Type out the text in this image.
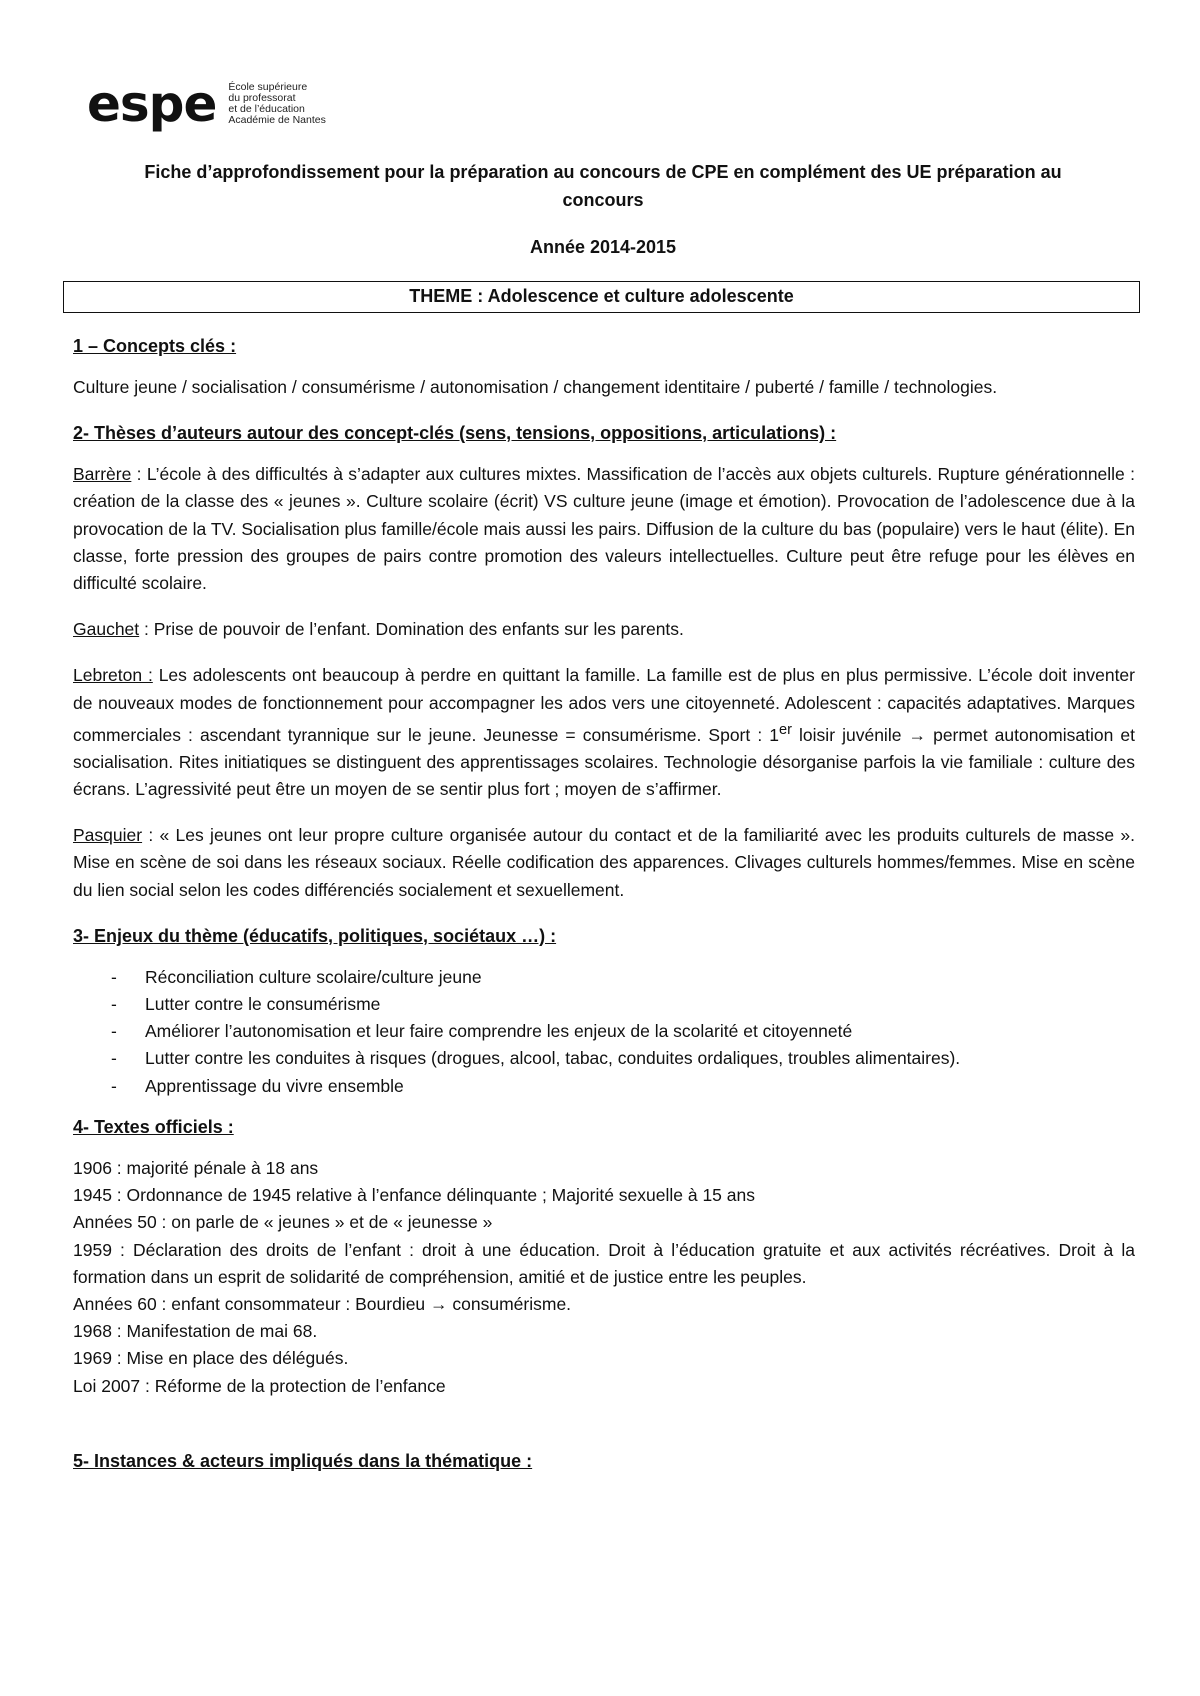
espe École supérieure
du professorat
et de l’éducation
Académie de Nantes
Fiche d’approfondissement pour la préparation au concours de CPE en complément des UE préparation au concours
Année 2014-2015
THEME : Adolescence et culture adolescente
1 – Concepts clés :
Culture jeune / socialisation / consumérisme / autonomisation / changement identitaire / puberté / famille / technologies.
2- Thèses d’auteurs autour des concept-clés (sens, tensions, oppositions, articulations) :
Barrère : L’école à des difficultés à s’adapter aux cultures mixtes. Massification de l’accès aux objets culturels. Rupture générationnelle : création de la classe des « jeunes ». Culture scolaire (écrit) VS culture jeune (image et émotion). Provocation de l’adolescence due à la provocation de la TV. Socialisation plus famille/école mais aussi les pairs. Diffusion de la culture du bas (populaire) vers le haut (élite). En classe, forte pression des groupes de pairs contre promotion des valeurs intellectuelles. Culture peut être refuge pour les élèves en difficulté scolaire.
Gauchet : Prise de pouvoir de l’enfant. Domination des enfants sur les parents.
Lebreton : Les adolescents ont beaucoup à perdre en quittant la famille. La famille est de plus en plus permissive. L’école doit inventer de nouveaux modes de fonctionnement pour accompagner les ados vers une citoyenneté. Adolescent : capacités adaptatives. Marques commerciales : ascendant tyrannique sur le jeune. Jeunesse = consumérisme. Sport : 1er loisir juvénile → permet autonomisation et socialisation. Rites initiatiques se distinguent des apprentissages scolaires. Technologie désorganise parfois la vie familiale : culture des écrans. L’agressivité peut être un moyen de se sentir plus fort ; moyen de s’affirmer.
Pasquier : « Les jeunes ont leur propre culture organisée autour du contact et de la familiarité avec les produits culturels de masse ». Mise en scène de soi dans les réseaux sociaux. Réelle codification des apparences. Clivages culturels hommes/femmes. Mise en scène du lien social selon les codes différenciés socialement et sexuellement.
3- Enjeux du thème (éducatifs, politiques, sociétaux …) :
- Réconciliation culture scolaire/culture jeune
- Lutter contre le consumérisme
- Améliorer l’autonomisation et leur faire comprendre les enjeux de la scolarité et citoyenneté
- Lutter contre les conduites à risques (drogues, alcool, tabac, conduites ordaliques, troubles alimentaires).
- Apprentissage du vivre ensemble
4- Textes officiels :
1906 : majorité pénale à 18 ans
1945 : Ordonnance de 1945 relative à l’enfance délinquante ; Majorité sexuelle à 15 ans
Années 50 : on parle de « jeunes » et de « jeunesse »
1959 : Déclaration des droits de l’enfant : droit à une éducation. Droit à l’éducation gratuite et aux activités récréatives. Droit à la formation dans un esprit de solidarité de compréhension, amitié et de justice entre les peuples.
Années 60 : enfant consommateur : Bourdieu → consumérisme.
1968 : Manifestation de mai 68.
1969 : Mise en place des délégués.
Loi 2007 : Réforme de la protection de l’enfance
5- Instances & acteurs impliqués dans la thématique :
